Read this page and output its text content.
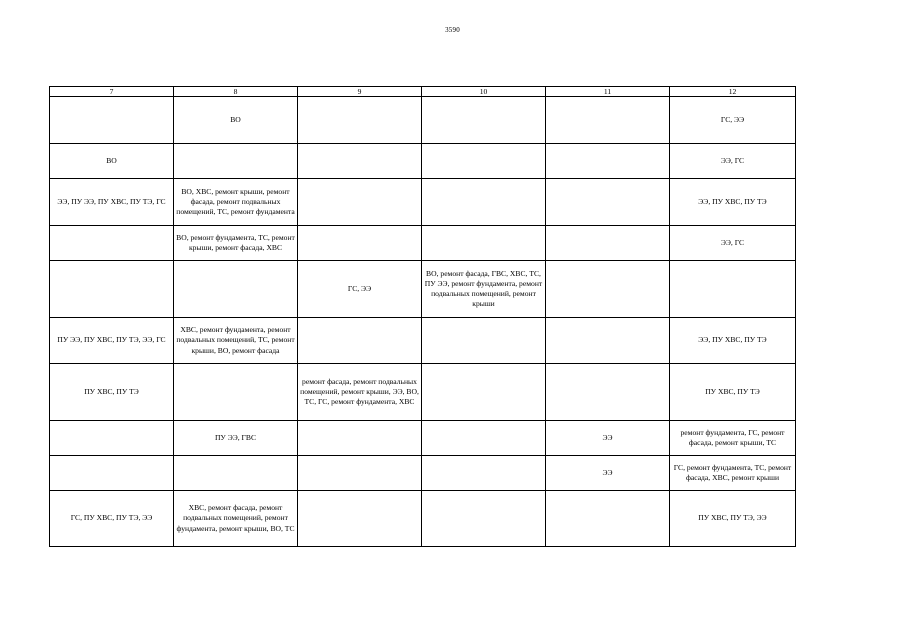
3590
7	8	9	10	11	12
	ВО				ГС, ЭЭ
ВО					ЭЭ, ГС
ЭЭ, ПУ ЭЭ, ПУ ХВС, ПУ ТЭ, ГС	ВО, ХВС, ремонт крыши, ремонт фасада, ремонт подвальных помещений, ТС, ремонт фундамента				ЭЭ, ПУ ХВС, ПУ ТЭ
	ВО, ремонт фундамента, ТС, ремонт крыши, ремонт фасада, ХВС				ЭЭ, ГС
		ГС, ЭЭ	ВО, ремонт фасада, ГВС, ХВС, ТС, ПУ ЭЭ, ремонт фундамента, ремонт подвальных помещений, ремонт крыши		
ПУ ЭЭ, ПУ ХВС, ПУ ТЭ, ЭЭ, ГС	ХВС, ремонт фундамента, ремонт подвальных помещений, ТС, ремонт крыши, ВО, ремонт фасада				ЭЭ, ПУ ХВС, ПУ ТЭ
ПУ ХВС, ПУ ТЭ		ремонт фасада, ремонт подвальных помещений, ремонт крыши, ЭЭ, ВО, ТС, ГС, ремонт фундамента, ХВС			ПУ ХВС, ПУ ТЭ
	ПУ ЭЭ, ГВС			ЭЭ	ремонт фундамента, ГС, ремонт фасада, ремонт крыши, ТС
				ЭЭ	ГС, ремонт фундамента, ТС, ремонт фасада, ХВС, ремонт крыши
ГС, ПУ ХВС, ПУ ТЭ, ЭЭ	ХВС, ремонт фасада, ремонт подвальных помещений, ремонт фундамента, ремонт крыши, ВО, ТС				ПУ ХВС, ПУ ТЭ, ЭЭ
